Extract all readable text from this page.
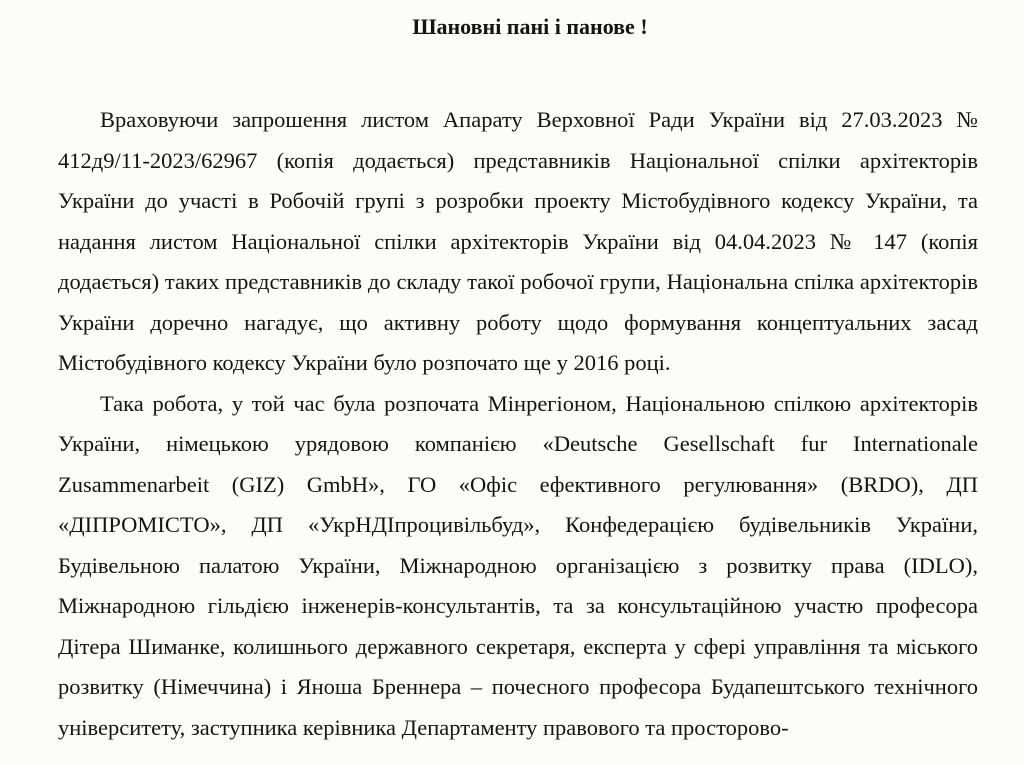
Шановні пані і панове !

Враховуючи запрошення листом Апарату Верховної Ради України від 27.03.2023 № 412д9/11-2023/62967 (копія додається) представників Національної спілки архітекторів України до участі в Робочій групі з розробки проекту Містобудівного кодексу України, та надання листом Національної спілки архітекторів України від 04.04.2023 № 147 (копія додається) таких представників до складу такої робочої групи, Національна спілка архітекторів України доречно нагадує, що активну роботу щодо формування концептуальних засад Містобудівного кодексу України було розпочато ще у 2016 році.

Така робота, у той час була розпочата Мінрегіоном, Національною спілкою архітекторів України, німецькою урядовою компанією «Deutsche Gesellschaft fur Internationale Zusammenarbeit (GIZ) GmbH», ГО «Офіс ефективного регулювання» (BRDO), ДП «ДІПРОМІСТО», ДП «УкрНДІпроцивільбуд», Конфедерацією будівельників України, Будівельною палатою України, Міжнародною організацією з розвитку права (IDLO), Міжнародною гільдією інженерів-консультантів, та за консультаційною участю професора Дітера Шиманке, колишнього державного секретаря, експерта у сфері управління та міського розвитку (Німеччина) і Яноша Бреннера – почесного професора Будапештського технічного університету, заступника керівника Департаменту правового та просторово-
